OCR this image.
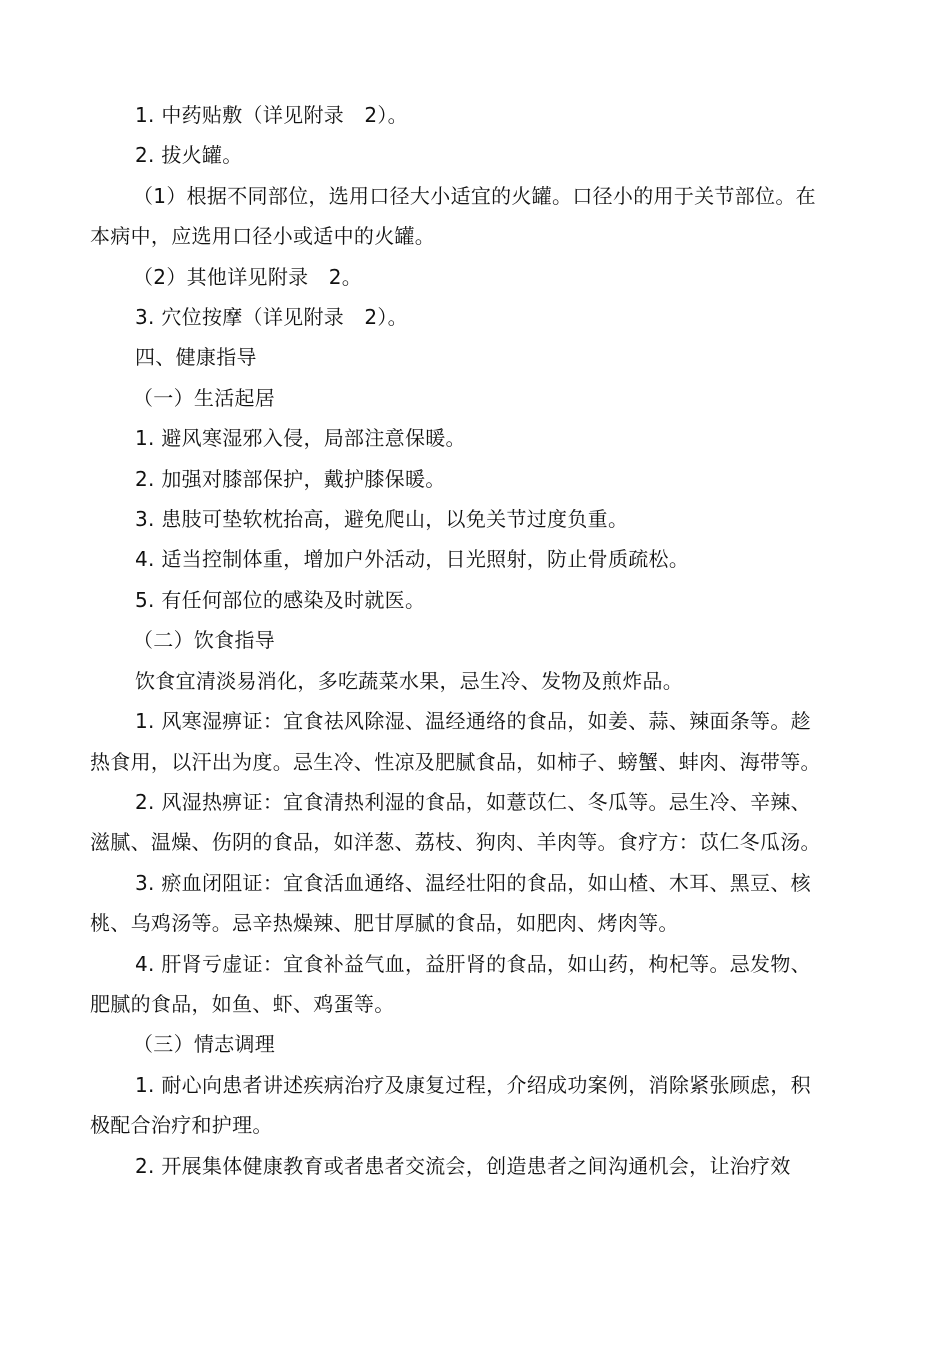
1. 中药贴敷（详见附录　2）。

2. 拔火罐。

（1）根据不同部位，选用口径大小适宜的火罐。口径小的用于关节部位。在本病中，应选用口径小或适中的火罐。

（2）其他详见附录　2。

3. 穴位按摩（详见附录　2）。

四、健康指导

（一）生活起居

1. 避风寒湿邪入侵，局部注意保暖。

2. 加强对膝部保护，戴护膝保暖。

3. 患肢可垫软枕抬高，避免爬山，以免关节过度负重。

4. 适当控制体重，增加户外活动，日光照射，防止骨质疏松。

5. 有任何部位的感染及时就医。

（二）饮食指导

饮食宜清淡易消化，多吃蔬菜水果，忌生冷、发物及煎炸品。

1. 风寒湿痹证：宜食祛风除湿、温经通络的食品，如姜、蒜、辣面条等。趁热食用，以汗出为度。忌生冷、性凉及肥腻食品，如柿子、螃蟹、蚌肉、海带等。

2. 风湿热痹证：宜食清热利湿的食品，如薏苡仁、冬瓜等。忌生冷、辛辣、滋腻、温燥、伤阴的食品，如洋葱、荔枝、狗肉、羊肉等。食疗方：苡仁冬瓜汤。

3. 瘀血闭阻证：宜食活血通络、温经壮阳的食品，如山楂、木耳、黑豆、核桃、乌鸡汤等。忌辛热燥辣、肥甘厚腻的食品，如肥肉、烤肉等。

4. 肝肾亏虚证：宜食补益气血，益肝肾的食品，如山药，枸杞等。忌发物、肥腻的食品，如鱼、虾、鸡蛋等。

（三）情志调理

1. 耐心向患者讲述疾病治疗及康复过程，介绍成功案例，消除紧张顾虑，积极配合治疗和护理。

2. 开展集体健康教育或者患者交流会，创造患者之间沟通机会，让治疗效
